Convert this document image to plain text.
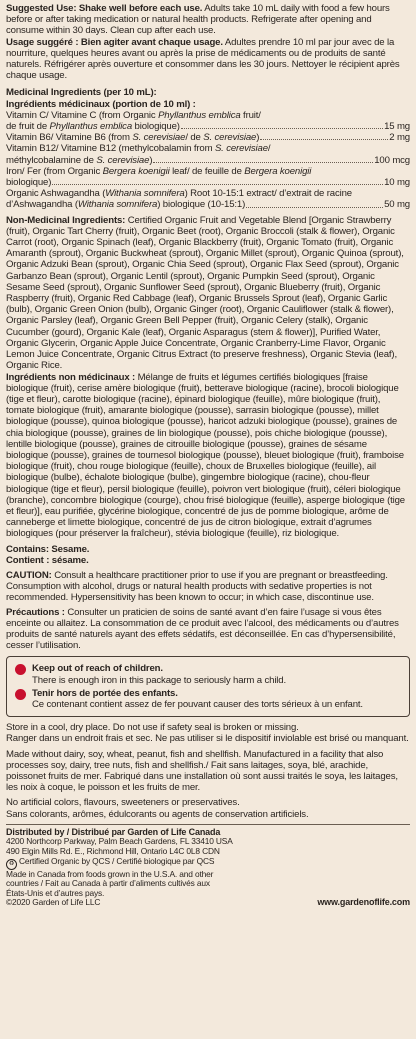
Suggested Use: Shake well before each use. Adults take 10 mL daily with food a few hours before or after taking medication or natural health products. Refrigerate after opening and consume within 30 days. Clean cup after each use.

Usage suggéré : Bien agiter avant chaque usage. Adultes prendre 10 ml par jour avec de la nourriture, quelques heures avant ou après la prise de médicaments ou de produits de santé naturels. Réfrigérer après ouverture et consommer dans les 30 jours. Nettoyer le récipient après chaque usage.

Medicinal Ingredients (per 10 mL):
Ingrédients médicinaux (portion de 10 ml) :
Vitamin C/ Vitamine C (from Organic Phyllanthus emblica fruit/
de fruit de Phyllanthus emblica biologique)	15 mg
Vitamin B6/ Vitamine B6 (from S. cerevisiae/ de S. cerevisiae)	2 mg
Vitamin B12/ Vitamine B12 (methylcobalamin from S. cerevisiae/
méthylcobalamine de S. cerevisiae)	100 mcg
Iron/ Fer (from Organic Bergera koenigii leaf/ de feuille de Bergera koenigii
biologique)	10 mg
Organic Ashwagandha (Withania somnifera) Root 10-15:1 extract/ d’extrait de racine
d’Ashwagandha (Withania somnifera) biologique (10-15:1)	50 mg

Non-Medicinal Ingredients: Certified Organic Fruit and Vegetable Blend [Organic Strawberry (fruit), Organic Tart Cherry (fruit), Organic Beet (root), Organic Broccoli (stalk & flower), Organic Carrot (root), Organic Spinach (leaf), Organic Blackberry (fruit), Organic Tomato (fruit), Organic Amaranth (sprout), Organic Buckwheat (sprout), Organic Millet (sprout), Organic Quinoa (sprout), Organic Adzuki Bean (sprout), Organic Chia Seed (sprout), Organic Flax Seed (sprout), Organic Garbanzo Bean (sprout), Organic Lentil (sprout), Organic Pumpkin Seed (sprout), Organic Sesame Seed (sprout), Organic Sunflower Seed (sprout), Organic Blueberry (fruit), Organic Raspberry (fruit), Organic Red Cabbage (leaf), Organic Brussels Sprout (leaf), Organic Garlic (bulb), Organic Green Onion (bulb), Organic Ginger (root), Organic Cauliflower (stalk & flower), Organic Parsley (leaf), Organic Green Bell Pepper (fruit), Organic Celery (stalk), Organic Cucumber (gourd), Organic Kale (leaf), Organic Asparagus (stem & flower)], Purified Water, Organic Glycerin, Organic Apple Juice Concentrate, Organic Cranberry-Lime Flavor, Organic Lemon Juice Concentrate, Organic Citrus Extract (to preserve freshness), Organic Stevia (leaf), Organic Rice.

Ingrédients non médicinaux : Mélange de fruits et légumes certifiés biologiques [fraise biologique (fruit), cerise amère biologique (fruit), betterave biologique (racine), brocoli biologique (tige et fleur), carotte biologique (racine), épinard biologique (feuille), mûre biologique (fruit), tomate biologique (fruit), amarante biologique (pousse), sarrasin biologique (pousse), millet biologique (pousse), quinoa biologique (pousse), haricot adzuki biologique (pousse), graines de chia biologique (pousse), graines de lin biologique (pousse), pois chiche biologique (pousse), lentille biologique (pousse), graines de citrouille biologique (pousse), graines de sésame biologique (pousse), graines de tournesol biologique (pousse), bleuet biologique (fruit), framboise biologique (fruit), chou rouge biologique (feuille), choux de Bruxelles biologique (feuille), ail biologique (bulbe), échalote biologique (bulbe), gingembre biologique (racine), chou-fleur biologique (tige et fleur), persil biologique (feuille), poivron vert biologique (fruit), céleri biologique (branche), concombre biologique (courge), chou frisé biologique (feuille), asperge biologique (tige et fleur)], eau purifiée, glycérine biologique, concentré de jus de pomme biologique, arôme de canneberge et limette biologique, concentré de jus de citron biologique, extrait d’agrumes biologiques (pour préserver la fraîcheur), stévia biologique (feuille), riz biologique.

Contains: Sesame.
Contient : sésame.

CAUTION: Consult a healthcare practitioner prior to use if you are pregnant or breastfeeding. Consumption with alcohol, drugs or natural health products with sedative properties is not recommended. Hypersensitivity has been known to occur; in which case, discontinue use.

Précautions : Consulter un praticien de soins de santé avant d’en faire l’usage si vous êtes enceinte ou allaitez. La consommation de ce produit avec l’alcool, des médicaments ou d’autres produits de santé naturels ayant des effets sédatifs, est déconseillée. En cas d’hypersensibilité, cesser l’utilisation.

Keep out of reach of children.
There is enough iron in this package to seriously harm a child.
Tenir hors de portée des enfants.
Ce contenant contient assez de fer pouvant causer des torts sérieux à un enfant.
Store in a cool, dry place. Do not use if safety seal is broken or missing.
Ranger dans un endroit frais et sec. Ne pas utiliser si le dispositif inviolable est brisé ou manquant.

Made without dairy, soy, wheat, peanut, fish and shellfish. Manufactured in a facility that also processes soy, dairy, tree nuts, fish and shellfish./ Fait sans laitages, soya, blé, arachide, poissonet fruits de mer. Fabriqué dans une installation où sont aussi traités le soya, les laitages, les noix à coque, le poisson et les fruits de mer.

No artificial colors, flavours, sweeteners or preservatives.
Sans colorants, arômes, édulcorants ou agents de conservation artificiels.
Distributed by / Distribué par Garden of Life Canada
4200 Northcorp Parkway, Palm Beach Gardens, FL 33410 USA
490 Elgin Mills Rd. E., Richmond Hill, Ontario L4C 0L8 CDN
♻ Certified Organic by QCS / Certifié biologique par QCS
Made in Canada from foods grown in the U.S.A. and other
countries / Fait au Canada à partir d’aliments cultivés aux
États-Unis et d’autres pays.
©2020 Garden of Life LLC	www.gardenoflife.com
